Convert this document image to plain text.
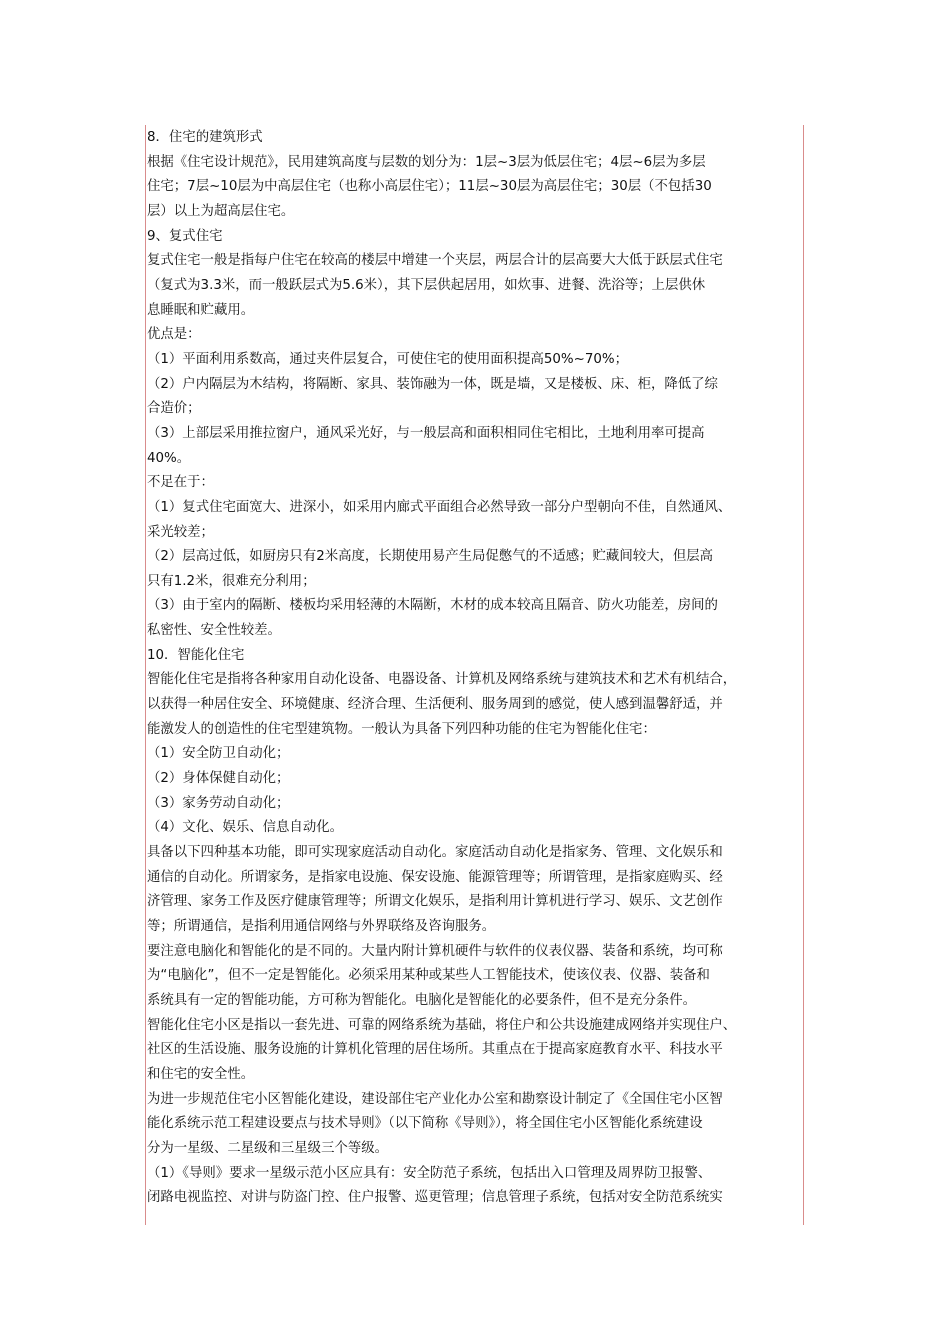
8．住宅的建筑形式
根据《住宅设计规范》，民用建筑高度与层数的划分为：1层~3层为低层住宅；4层~6层为多层
住宅；7层~10层为中高层住宅（也称小高层住宅）；11层~30层为高层住宅；30层（不包括30
层）以上为超高层住宅。
9、复式住宅
复式住宅一般是指每户住宅在较高的楼层中增建一个夹层，两层合计的层高要大大低于跃层式住宅
（复式为3.3米，而一般跃层式为5.6米），其下层供起居用，如炊事、进餐、洗浴等；上层供休
息睡眠和贮藏用。
优点是：
（1）平面利用系数高，通过夹件层复合，可使住宅的使用面积提高50%~70%；
（2）户内隔层为木结构，将隔断、家具、装饰融为一体，既是墙，又是楼板、床、柜，降低了综
合造价；
（3）上部层采用推拉窗户，通风采光好，与一般层高和面积相同住宅相比，土地利用率可提高
40%。
不足在于：
（1）复式住宅面宽大、进深小，如采用内廊式平面组合必然导致一部分户型朝向不佳，自然通风、
采光较差；
（2）层高过低，如厨房只有2米高度，长期使用易产生局促憋气的不适感；贮藏间较大，但层高
只有1.2米，很难充分利用；
（3）由于室内的隔断、楼板均采用轻薄的木隔断，木材的成本较高且隔音、防火功能差，房间的
私密性、安全性较差。
10．智能化住宅
智能化住宅是指将各种家用自动化设备、电器设备、计算机及网络系统与建筑技术和艺术有机结合，
以获得一种居住安全、环境健康、经济合理、生活便利、服务周到的感觉，使人感到温馨舒适，并
能激发人的创造性的住宅型建筑物。一般认为具备下列四种功能的住宅为智能化住宅：
（1）安全防卫自动化；
（2）身体保健自动化；
（3）家务劳动自动化；
（4）文化、娱乐、信息自动化。
具备以下四种基本功能，即可实现家庭活动自动化。家庭活动自动化是指家务、管理、文化娱乐和
通信的自动化。所谓家务，是指家电设施、保安设施、能源管理等；所谓管理，是指家庭购买、经
济管理、家务工作及医疗健康管理等；所谓文化娱乐，是指利用计算机进行学习、娱乐、文艺创作
等；所谓通信，是指利用通信网络与外界联络及咨询服务。
要注意电脑化和智能化的是不同的。大量内附计算机硬件与软件的仪表仪器、装备和系统，均可称
为“电脑化”，但不一定是智能化。必须采用某种或某些人工智能技术，使该仪表、仪器、装备和
系统具有一定的智能功能，方可称为智能化。电脑化是智能化的必要条件，但不是充分条件。
智能化住宅小区是指以一套先进、可靠的网络系统为基础，将住户和公共设施建成网络并实现住户、
社区的生活设施、服务设施的计算机化管理的居住场所。其重点在于提高家庭教育水平、科技水平
和住宅的安全性。
为进一步规范住宅小区智能化建设，建设部住宅产业化办公室和勘察设计制定了《全国住宅小区智
能化系统示范工程建设要点与技术导则》（以下简称《导则》），将全国住宅小区智能化系统建设
分为一星级、二星级和三星级三个等级。
（1）《导则》要求一星级示范小区应具有：安全防范子系统，包括出入口管理及周界防卫报警、
闭路电视监控、对讲与防盗门控、住户报警、巡更管理；信息管理子系统，包括对安全防范系统实
